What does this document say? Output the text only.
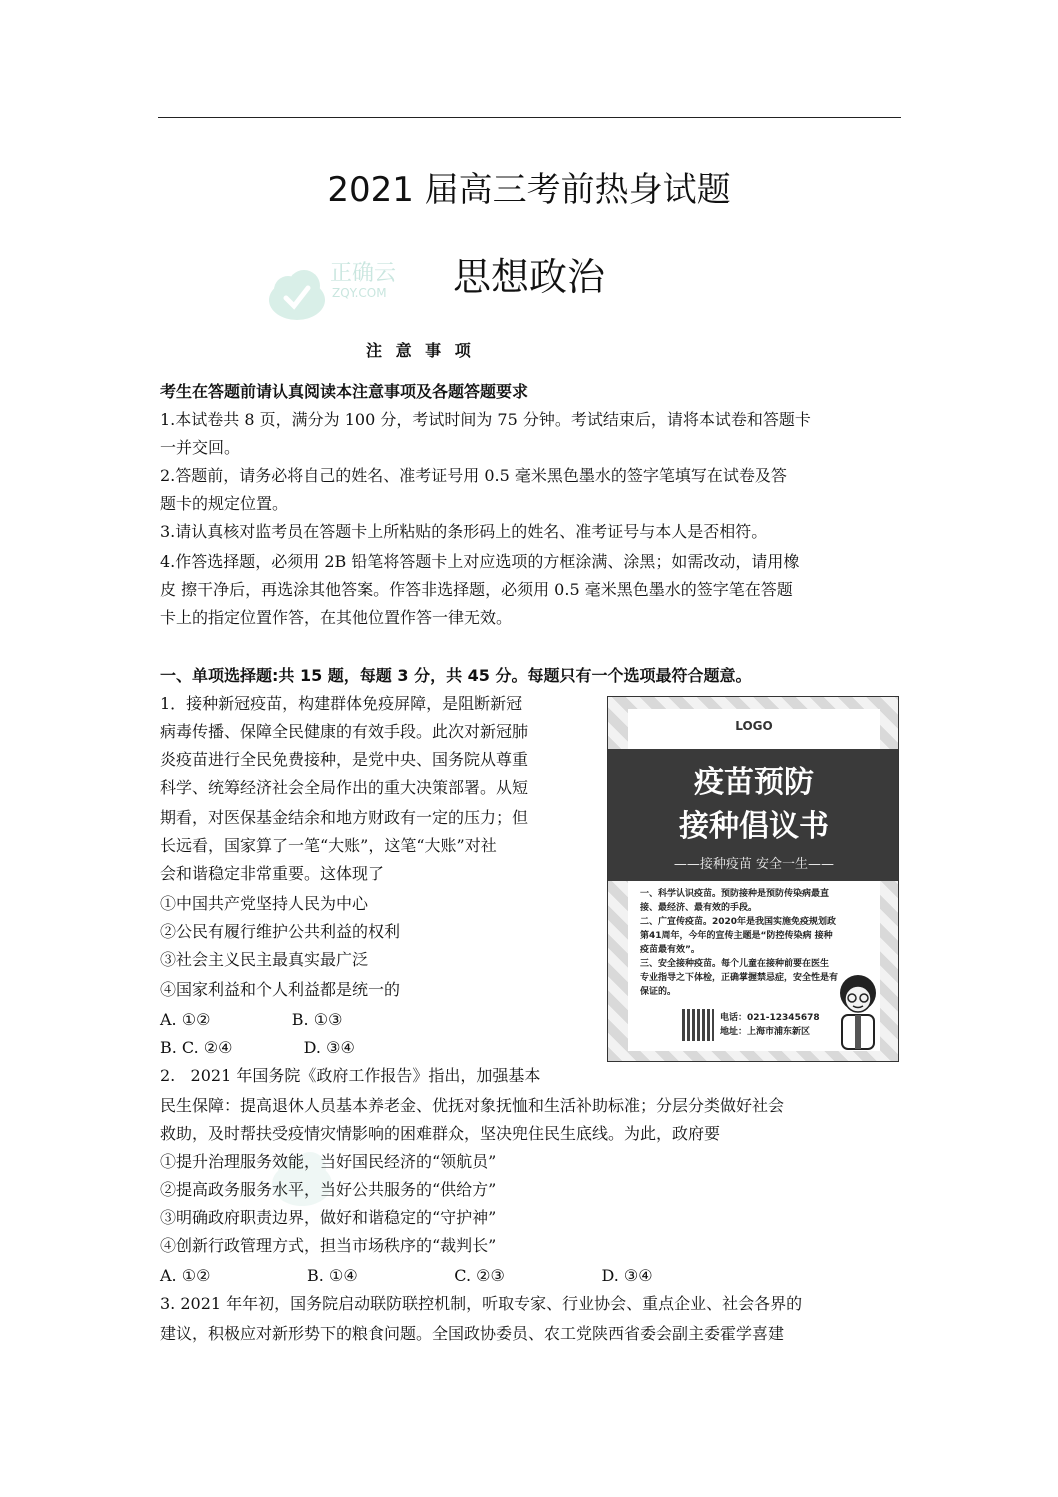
2021 届高三考前热身试题
思想政治
正确云
ZQY.COM
注 意 事 项
考生在答题前请认真阅读本注意事项及各题答题要求
1.本试卷共 8 页，满分为 100 分，考试时间为 75 分钟。考试结束后，请将本试卷和答题卡
一并交回。
2.答题前，请务必将自己的姓名、准考证号用 0.5 毫米黑色墨水的签字笔填写在试卷及答
题卡的规定位置。
3.请认真核对监考员在答题卡上所粘贴的条形码上的姓名、准考证号与本人是否相符。
4.作答选择题，必须用 2B 铅笔将答题卡上对应选项的方框涂满、涂黑；如需改动，请用橡
皮 擦干净后，再选涂其他答案。作答非选择题，必须用 0.5 毫米黑色墨水的签字笔在答题
卡上的指定位置作答，在其他位置作答一律无效。
一、单项选择题:共 15 题，每题 3 分，共 45 分。每题只有一个选项最符合题意。
1．接种新冠疫苗，构建群体免疫屏障，是阻断新冠
病毒传播、保障全民健康的有效手段。此次对新冠肺
炎疫苗进行全民免费接种，是党中央、国务院从尊重
科学、统筹经济社会全局作出的重大决策部署。从短
期看，对医保基金结余和地方财政有一定的压力；但
长远看，国家算了一笔“大账”，这笔“大账”对社
会和谐稳定非常重要。这体现了
①中国共产党坚持人民为中心
②公民有履行维护公共利益的权利
③社会主义民主最真实最广泛
④国家利益和个人利益都是统一的
A. ①②                B. ①③
B. C. ②④              D. ③④
LOGO
疫苗预防
接种倡议书
——接种疫苗 安全一生——
一、科学认识疫苗。预防接种是预防传染病最直
接、最经济、最有效的手段。
二、广宣传疫苗。2020年是我国实施免疫规划政
第41周年，今年的宣传主题是“防控传染病 接种
疫苗最有效”。
三、安全接种疫苗。每个儿童在接种前要在医生
专业指导之下体检，正确掌握禁忌症，安全性是有
保证的。
电话：021-12345678
地址：上海市浦东新区
2.   2021 年国务院《政府工作报告》指出，加强基本
民生保障：提高退休人员基本养老金、优抚对象抚恤和生活补助标准；分层分类做好社会
救助，及时帮扶受疫情灾情影响的困难群众，坚决兜住民生底线。为此，政府要
①提升治理服务效能，当好国民经济的“领航员”
②提高政务服务水平，当好公共服务的“供给方”
③明确政府职责边界，做好和谐稳定的“守护神”
④创新行政管理方式，担当市场秩序的“裁判长”
A. ①②                   B. ①④                   C. ②③                   D. ③④
3. 2021 年年初，国务院启动联防联控机制，听取专家、行业协会、重点企业、社会各界的
建议，积极应对新形势下的粮食问题。全国政协委员、农工党陕西省委会副主委霍学喜建
